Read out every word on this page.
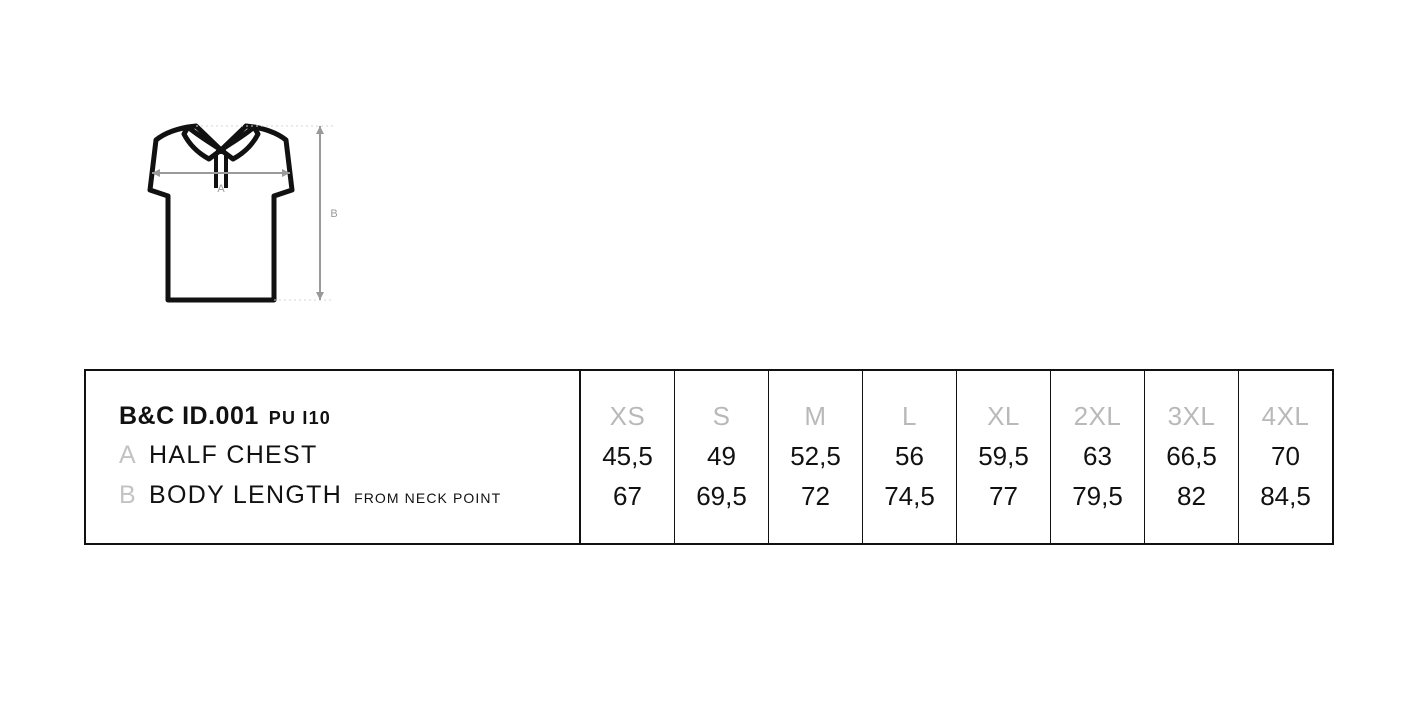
A
B
B&C ID.001 PU I10
A HALF CHEST
B BODY LENGTH FROM NECK POINT
XS
45,5
67
S
49
69,5
M
52,5
72
L
56
74,5
XL
59,5
77
2XL
63
79,5
3XL
66,5
82
4XL
70
84,5
